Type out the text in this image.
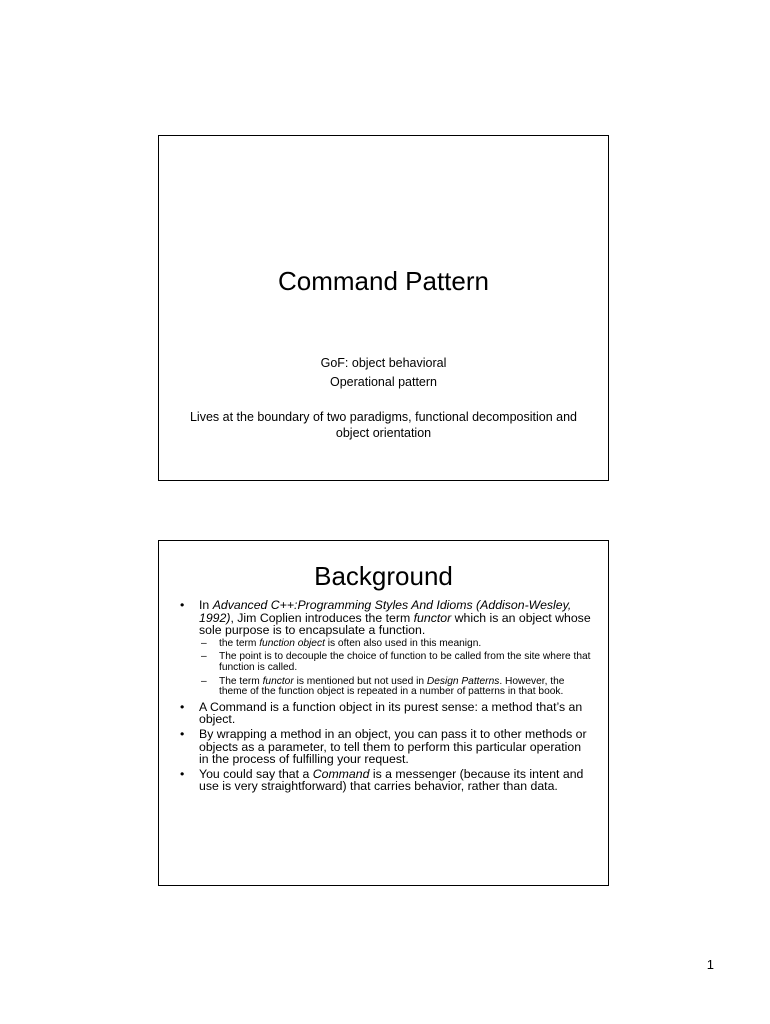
Command Pattern
GoF: object behavioral
Operational pattern
Lives at the boundary of two paradigms, functional decomposition and object orientation
Background
• In Advanced C++:Programming Styles And Idioms (Addison-Wesley, 1992), Jim Coplien introduces the term functor which is an object whose sole purpose is to encapsulate a function.
– the term function object is often also used in this meanign.
– The point is to decouple the choice of function to be called from the site where that function is called.
– The term functor is mentioned but not used in Design Patterns. However, the theme of the function object is repeated in a number of patterns in that book.
• A Command is a function object in its purest sense: a method that’s an object.
• By wrapping a method in an object, you can pass it to other methods or objects as a parameter, to tell them to perform this particular operation in the process of fulfilling your request.
• You could say that a Command is a messenger (because its intent and use is very straightforward) that carries behavior, rather than data.
1
